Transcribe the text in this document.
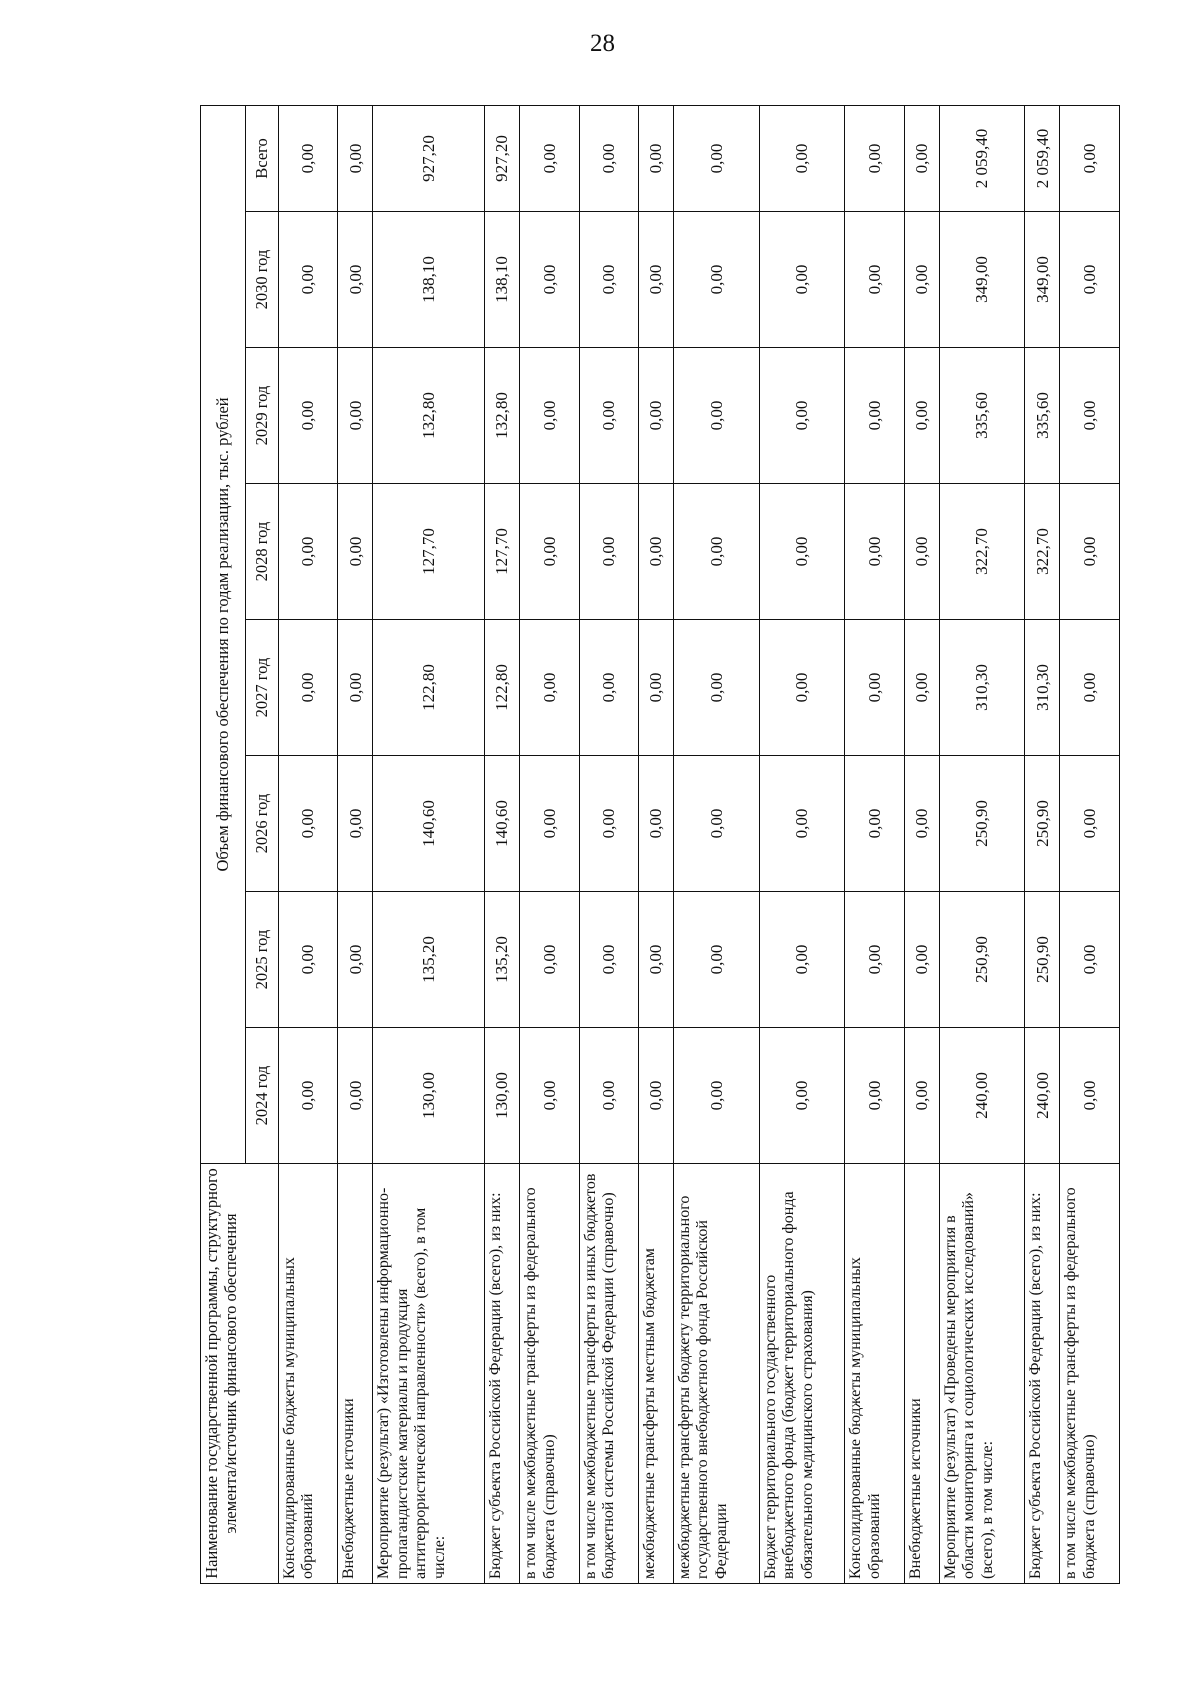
28
Наименование государственной программы, структурного элемента/источник финансового обеспечения	Объем финансового обеспечения по годам реализации, тыс. рублей							
	2024 год	2025 год	2026 год	2027 год	2028 год	2029 год	2030 год	Всего
Консолидированные бюджеты муниципальных образований	0,00	0,00	0,00	0,00	0,00	0,00	0,00	0,00
Внебюджетные источники	0,00	0,00	0,00	0,00	0,00	0,00	0,00	0,00
Мероприятие (результат) «Изготовлены информационно-пропагандистские материалы и продукция антитеррористической направленности» (всего), в том числе:	130,00	135,20	140,60	122,80	127,70	132,80	138,10	927,20
Бюджет субъекта Российской Федерации (всего), из них:	130,00	135,20	140,60	122,80	127,70	132,80	138,10	927,20
в том числе межбюджетные трансферты из федерального бюджета (справочно)	0,00	0,00	0,00	0,00	0,00	0,00	0,00	0,00
в том числе межбюджетные трансферты из иных бюджетов бюджетной системы Российской Федерации (справочно)	0,00	0,00	0,00	0,00	0,00	0,00	0,00	0,00
межбюджетные трансферты местным бюджетам	0,00	0,00	0,00	0,00	0,00	0,00	0,00	0,00
межбюджетные трансферты бюджету территориального государственного внебюджетного фонда Российской Федерации	0,00	0,00	0,00	0,00	0,00	0,00	0,00	0,00
Бюджет территориального государственного внебюджетного фонда (бюджет территориального фонда обязательного медицинского страхования)	0,00	0,00	0,00	0,00	0,00	0,00	0,00	0,00
Консолидированные бюджеты муниципальных образований	0,00	0,00	0,00	0,00	0,00	0,00	0,00	0,00
Внебюджетные источники	0,00	0,00	0,00	0,00	0,00	0,00	0,00	0,00
Мероприятие (результат) «Проведены мероприятия в области мониторинга и социологических исследований» (всего), в том числе:	240,00	250,90	250,90	310,30	322,70	335,60	349,00	2 059,40
Бюджет субъекта Российской Федерации (всего), из них:	240,00	250,90	250,90	310,30	322,70	335,60	349,00	2 059,40
в том числе межбюджетные трансферты из федерального бюджета (справочно)	0,00	0,00	0,00	0,00	0,00	0,00	0,00	0,00
